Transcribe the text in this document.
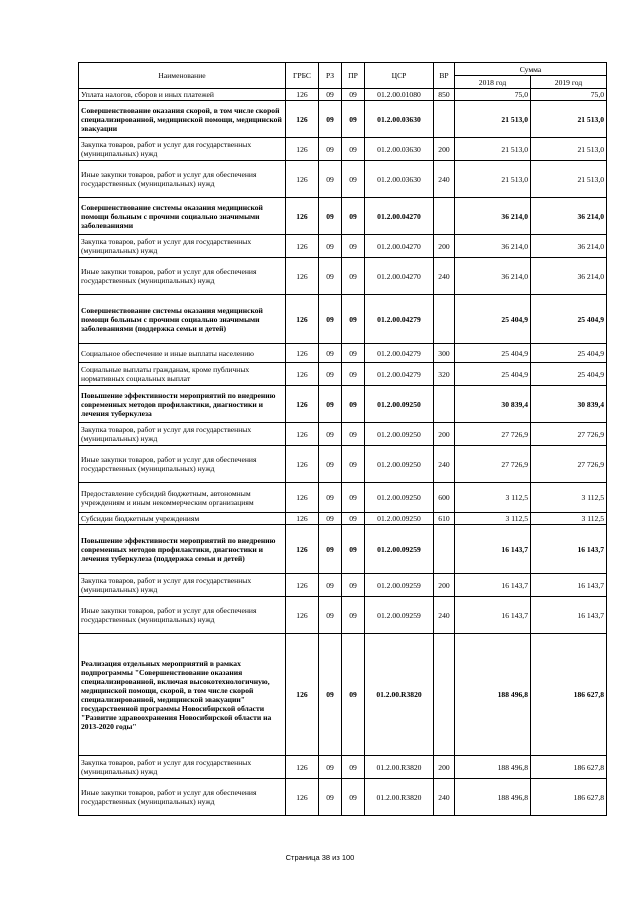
Наименование	ГРБС	РЗ	ПР	ЦСР	ВР	Сумма	
						2018 год	2019 год
Уплата налогов, сборов и иных платежей	126	09	09	01.2.00.01080	850	75,0	75,0
Совершенствование оказания скорой, в том числе скорой специализированной, медицинской помощи, медицинской эвакуации	126	09	09	01.2.00.03630		21 513,0	21 513,0
Закупка товаров, работ и услуг для государственных (муниципальных) нужд	126	09	09	01.2.00.03630	200	21 513,0	21 513,0
Иные закупки товаров, работ и услуг для обеспечения государственных (муниципальных) нужд	126	09	09	01.2.00.03630	240	21 513,0	21 513,0
Совершенствование системы оказания медицинской помощи больным с прочими социально значимыми заболеваниями	126	09	09	01.2.00.04270		36 214,0	36 214,0
Закупка товаров, работ и услуг для государственных (муниципальных) нужд	126	09	09	01.2.00.04270	200	36 214,0	36 214,0
Иные закупки товаров, работ и услуг для обеспечения государственных (муниципальных) нужд	126	09	09	01.2.00.04270	240	36 214,0	36 214,0
Совершенствование системы оказания медицинской помощи больным с прочими социально значимыми заболеваниями (поддержка семьи и детей)	126	09	09	01.2.00.04279		25 404,9	25 404,9
Социальное обеспечение и иные выплаты населению	126	09	09	01.2.00.04279	300	25 404,9	25 404,9
Социальные выплаты гражданам, кроме публичных нормативных социальных выплат	126	09	09	01.2.00.04279	320	25 404,9	25 404,9
Повышение эффективности мероприятий по внедрению современных методов профилактики, диагностики и лечения туберкулеза	126	09	09	01.2.00.09250		30 839,4	30 839,4
Закупка товаров, работ и услуг для государственных (муниципальных) нужд	126	09	09	01.2.00.09250	200	27 726,9	27 726,9
Иные закупки товаров, работ и услуг для обеспечения государственных (муниципальных) нужд	126	09	09	01.2.00.09250	240	27 726,9	27 726,9
Предоставление субсидий бюджетным, автономным учреждениям и иным некоммерческим организациям	126	09	09	01.2.00.09250	600	3 112,5	3 112,5
Субсидии бюджетным учреждениям	126	09	09	01.2.00.09250	610	3 112,5	3 112,5
Повышение эффективности мероприятий по внедрению современных методов профилактики, диагностики и лечения туберкулеза (поддержка семьи и детей)	126	09	09	01.2.00.09259		16 143,7	16 143,7
Закупка товаров, работ и услуг для государственных (муниципальных) нужд	126	09	09	01.2.00.09259	200	16 143,7	16 143,7
Иные закупки товаров, работ и услуг для обеспечения государственных (муниципальных) нужд	126	09	09	01.2.00.09259	240	16 143,7	16 143,7
Реализация отдельных мероприятий в рамках подпрограммы "Совершенствование оказания специализированной, включая высокотехнологичную, медицинской помощи, скорой, в том числе скорой специализированной, медицинской эвакуации" государственной программы Новосибирской области "Развитие здравоохранения Новосибирской области на 2013-2020 годы"	126	09	09	01.2.00.R3820		188 496,8	186 627,8
Закупка товаров, работ и услуг для государственных (муниципальных) нужд	126	09	09	01.2.00.R3820	200	188 496,8	186 627,8
Иные закупки товаров, работ и услуг для обеспечения государственных (муниципальных) нужд	126	09	09	01.2.00.R3820	240	188 496,8	186 627,8
Страница 38 из 100
